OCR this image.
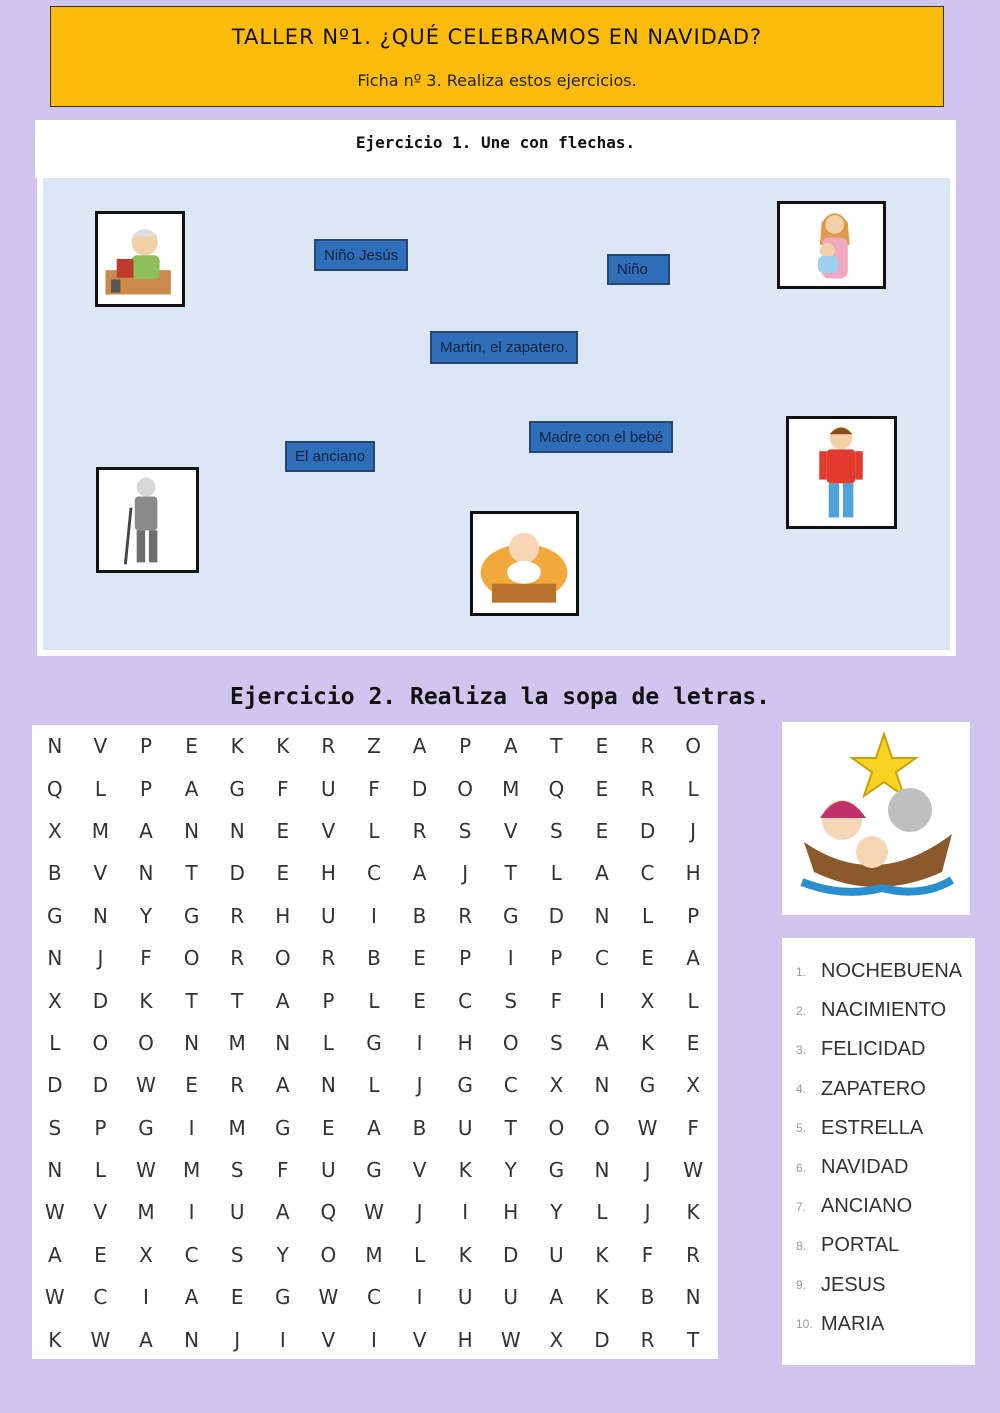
TALLER Nº1. ¿QUÉ CELEBRAMOS EN NAVIDAD?
Ficha nº 3. Realiza estos ejercicios.
Ejercicio 1. Une con flechas.
Niño Jesús
Niño
Martin, el zapatero.
Madre con el bebé
El anciano
Ejercicio 2. Realiza la sopa de letras.
N	V	P	E	K	K	R	Z	A	P	A	T	E	R	O
Q	L	P	A	G	F	U	F	D	O	M	Q	E	R	L
X	M	A	N	N	E	V	L	R	S	V	S	E	D	J
B	V	N	T	D	E	H	C	A	J	T	L	A	C	H
G	N	Y	G	R	H	U	I	B	R	G	D	N	L	P
N	J	F	O	R	O	R	B	E	P	I	P	C	E	A
X	D	K	T	T	A	P	L	E	C	S	F	I	X	L
L	O	O	N	M	N	L	G	I	H	O	S	A	K	E
D	D	W	E	R	A	N	L	J	G	C	X	N	G	X
S	P	G	I	M	G	E	A	B	U	T	O	O	W	F
N	L	W	M	S	F	U	G	V	K	Y	G	N	J	W
W	V	M	I	U	A	Q	W	J	I	H	Y	L	J	K
A	E	X	C	S	Y	O	M	L	K	D	U	K	F	R
W	C	I	A	E	G	W	C	I	U	U	A	K	B	N
K	W	A	N	J	I	V	I	V	H	W	X	D	R	T
1. NOCHEBUENA
2. NACIMIENTO
3. FELICIDAD
4. ZAPATERO
5. ESTRELLA
6. NAVIDAD
7. ANCIANO
8. PORTAL
9. JESUS
10. MARIA
